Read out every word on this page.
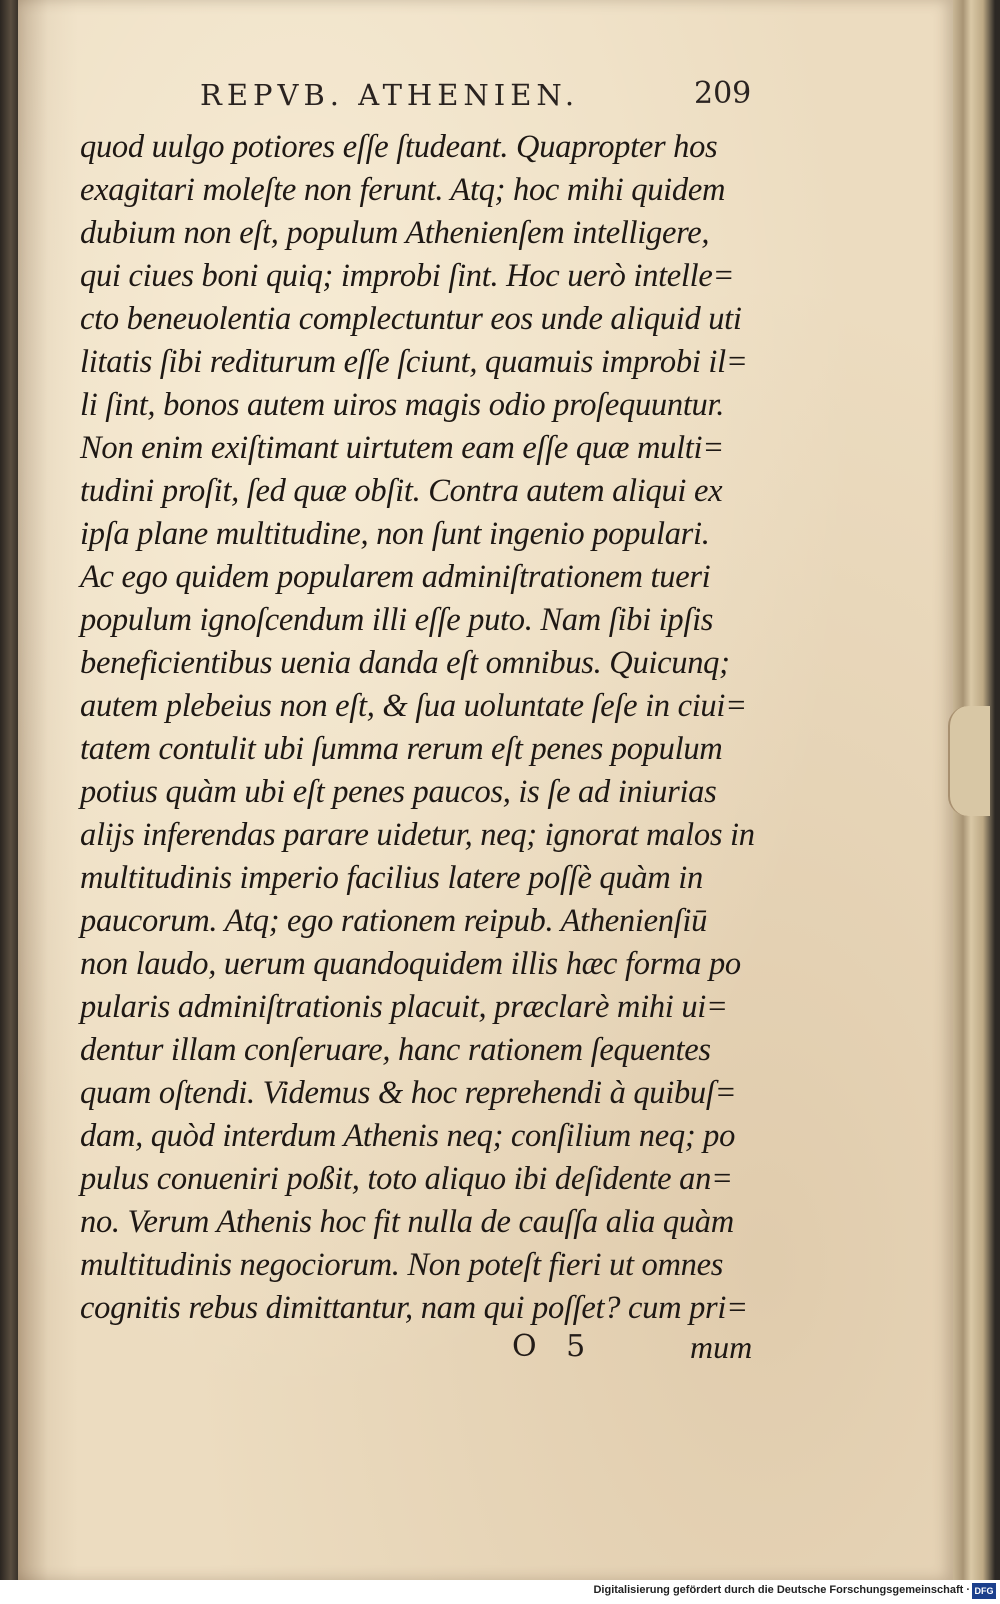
REPVB. ATHENIEN.	209
quod uulgo potiores eſſe ſtudeant. Quapropter hos
exagitari moleſte non ferunt. Atq; hoc mihi quidem
dubium non eſt, populum Athenienſem intelligere,
qui ciues boni quiq; improbi ſint. Hoc uerò intelle=
cto beneuolentia complectuntur eos unde aliquid uti
litatis ſibi rediturum eſſe ſciunt, quamuis improbi il=
li ſint, bonos autem uiros magis odio proſequuntur.
Non enim exiſtimant uirtutem eam eſſe quæ multi=
tudini proſit, ſed quæ obſit. Contra autem aliqui ex
ipſa plane multitudine, non ſunt ingenio populari.
Ac ego quidem popularem adminiſtrationem tueri
populum ignoſcendum illi eſſe puto. Nam ſibi ipſis
beneficientibus uenia danda eſt omnibus. Quicunq;
autem plebeius non eſt, & ſua uoluntate ſeſe in ciui=
tatem contulit ubi ſumma rerum eſt penes populum
potius quàm ubi eſt penes paucos, is ſe ad iniurias
alijs inferendas parare uidetur, neq; ignorat malos in
multitudinis imperio facilius latere poſſè quàm in
paucorum. Atq; ego rationem reipub. Athenienſiū
non laudo, uerum quandoquidem illis hæc forma po
pularis adminiſtrationis placuit, præclarè mihi ui=
dentur illam conſeruare, hanc rationem ſequentes
quam oſtendi. Videmus & hoc reprehendi à quibuſ=
dam, quòd interdum Athenis neq; conſilium neq; po
pulus conueniri poßit, toto aliquo ibi deſidente an=
no. Verum Athenis hoc fit nulla de cauſſa alia quàm
multitudinis negociorum. Non poteſt fieri ut omnes
cognitis rebus dimittantur, nam qui poſſet? cum pri=
O 5	mum
Digitalisierung gefördert durch die Deutsche Forschungsgemeinschaft · DFG
